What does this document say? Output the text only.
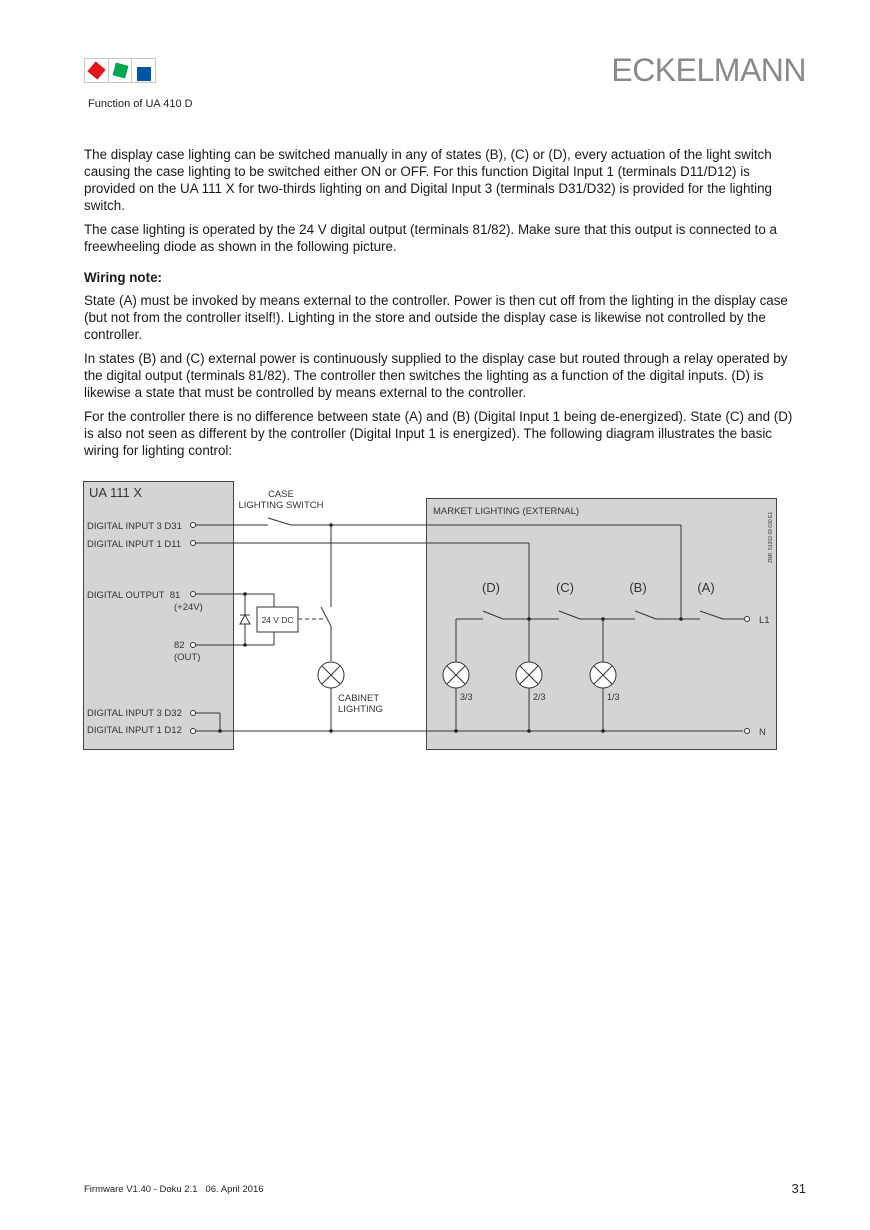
Function of UA 410 D
ECKELMANN

The display case lighting can be switched manually in any of states (B), (C) or (D), every actuation of the light switch causing the case lighting to be switched either ON or OFF. For this function Digital Input 1 (terminals D11/D12) is provided on the UA 111 X for two-thirds lighting on and Digital Input 3 (terminals D31/D32) is provided for the lighting switch.

The case lighting is operated by the 24 V digital output (terminals 81/82). Make sure that this output is connected to a freewheeling diode as shown in the following picture.

Wiring note:

State (A) must be invoked by means external to the controller. Power is then cut off from the lighting in the display case (but not from the controller itself!). Lighting in the store and outside the display case is likewise not controlled by the controller.

In states (B) and (C) external power is continuously supplied to the display case but routed through a relay operated by the digital output (terminals 81/82). The controller then switches the lighting as a function of the digital inputs. (D) is likewise a state that must be controlled by means external to the controller.

For the controller there is no difference between state (A) and (B) (Digital Input 1 being de-energized). State (C) and (D) is also not seen as different by the controller (Digital Input 1 is energized). The following diagram illustrates the basic wiring for lighting control:

UA 111 X
DIGITAL INPUT 3 D31
DIGITAL INPUT 1 D11
DIGITAL OUTPUT  81
(+24V)
82
(OUT)
DIGITAL INPUT 3 D32
DIGITAL INPUT 1 D12
MARKET LIGHTING (EXTERNAL)
ZNR. 51203 69 630 E1
CASE
LIGHTING SWITCH
24 V DC
CABINET
LIGHTING
(D)	(C)	(B)	(A)
3/3	2/3	1/3
L1
N
Firmware V1.40 - Doku 2.1   06. April 2016	31
